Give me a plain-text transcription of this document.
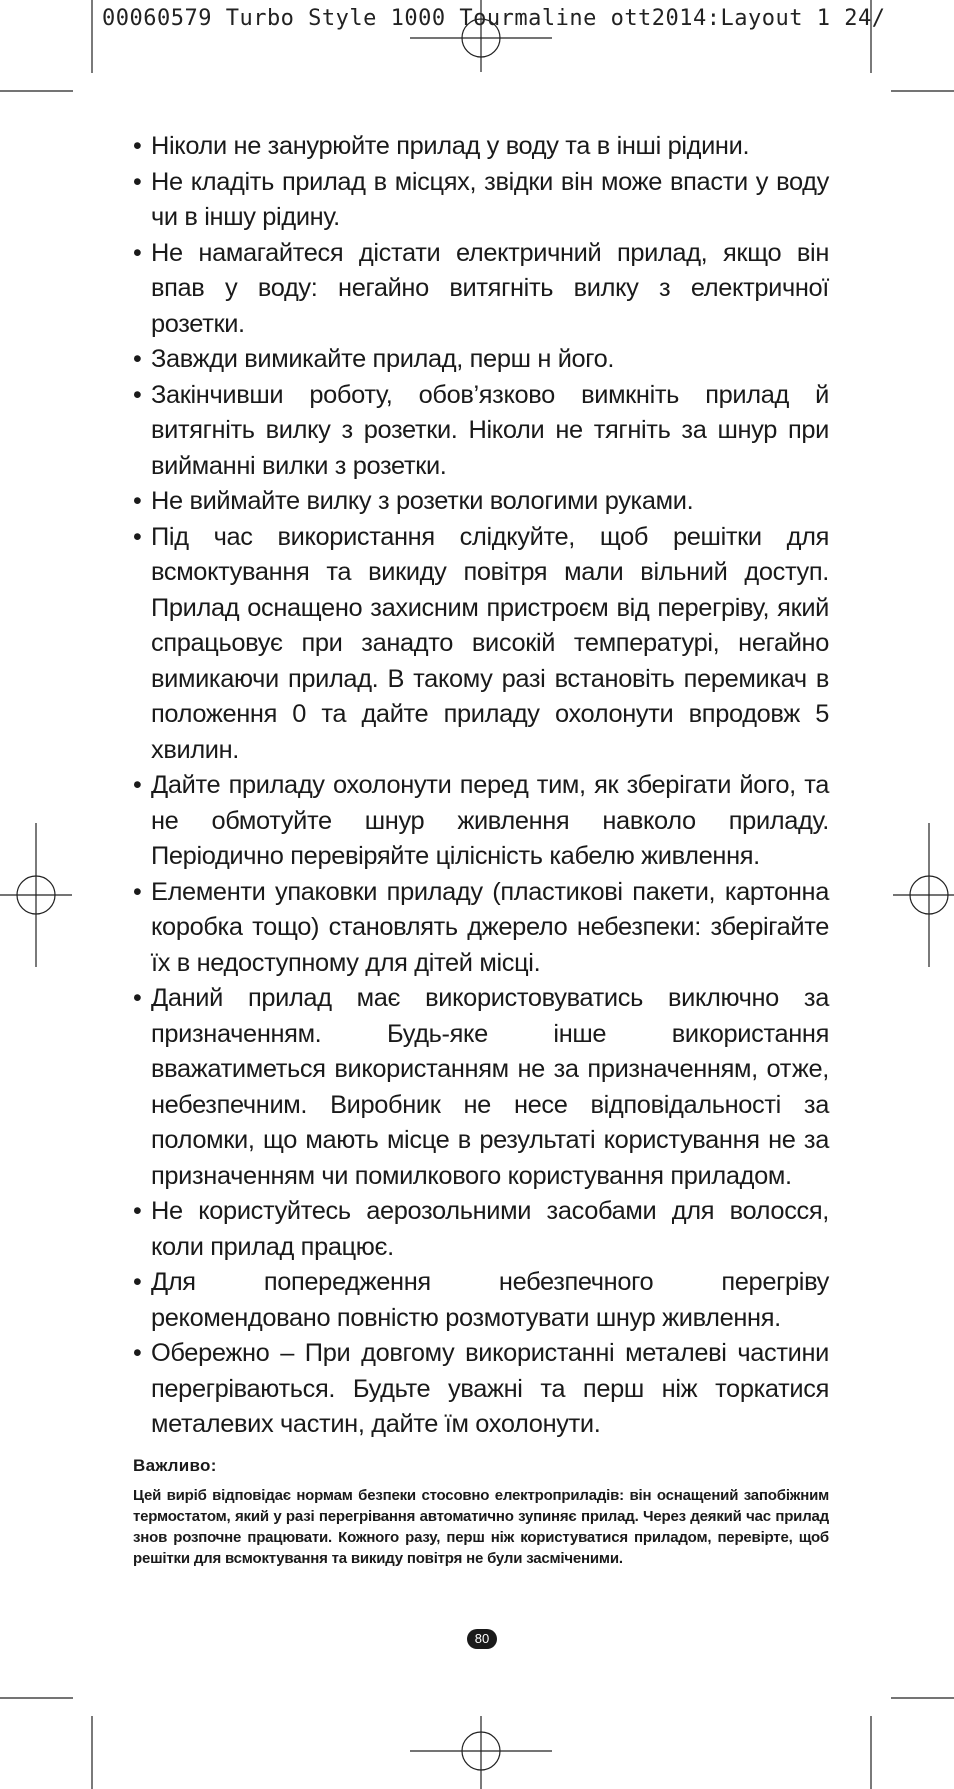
00060579 Turbo Style 1000 Tourmaline ott2014:Layout 1 24/
• Ніколи не занурюйте прилад у воду та в інші рідини.
• Не кладіть прилад в місцях, звідки він може впасти у воду чи в іншу рідину.
• Не намагайтеся дістати електричний прилад, якщо він впав у воду: негайно витягніть вилку з електричної розетки.
• Завжди вимикайте прилад, перш н його.
• Закінчивши роботу, обов’язково вимкніть прилад й витягніть вилку з розетки. Ніколи не тягніть за шнур при вийманні вилки з розетки.
• Не виймайте вилку з розетки вологими руками.
• Під час використання слідкуйте, щоб решітки для всмоктування та викиду повітря мали вільний доступ. Прилад оснащено захисним пристроєм від перегріву, який спрацьовує при занадто високій температурі, негайно вимикаючи прилад. В такому разі встановіть перемикач в положення 0 та дайте приладу охолонути впродовж 5 хвилин.
• Дайте приладу охолонути перед тим, як зберігати його, та не обмотуйте шнур живлення навколо приладу. Періодично перевіряйте цілісність кабелю живлення.
• Елементи упаковки приладу (пластикові пакети, картонна коробка тощо) становлять джерело небезпеки: зберігайте їх в недоступному для дітей місці.
• Даний прилад має використовуватись виключно за призначенням. Будь-яке інше використання вважатиметься використанням не за призначенням, отже, небезпечним. Виробник не несе відповідальності за поломки, що мають місце в результаті користування не за призначенням чи помилкового користування приладом.
• Не користуйтесь аерозольними засобами для волосся, коли прилад працює.
• Для попередження небезпечного перегріву рекомендовано повністю розмотувати шнур живлення.
• Обережно – При довгому використанні металеві частини перегріваються. Будьте уважні та перш ніж торкатися металевих частин, дайте їм охолонути.
Важливо:
Цей виріб відповідає нормам безпеки стосовно електроприладів: він оснащений запобіжним термостатом, який у разі перегрівання автоматично зупиняє прилад. Через деякий час прилад знов розпочне працювати. Кожного разу, перш ніж користуватися приладом, перевірте, щоб решітки для всмоктування та викиду повітря не були засміченими.
80
